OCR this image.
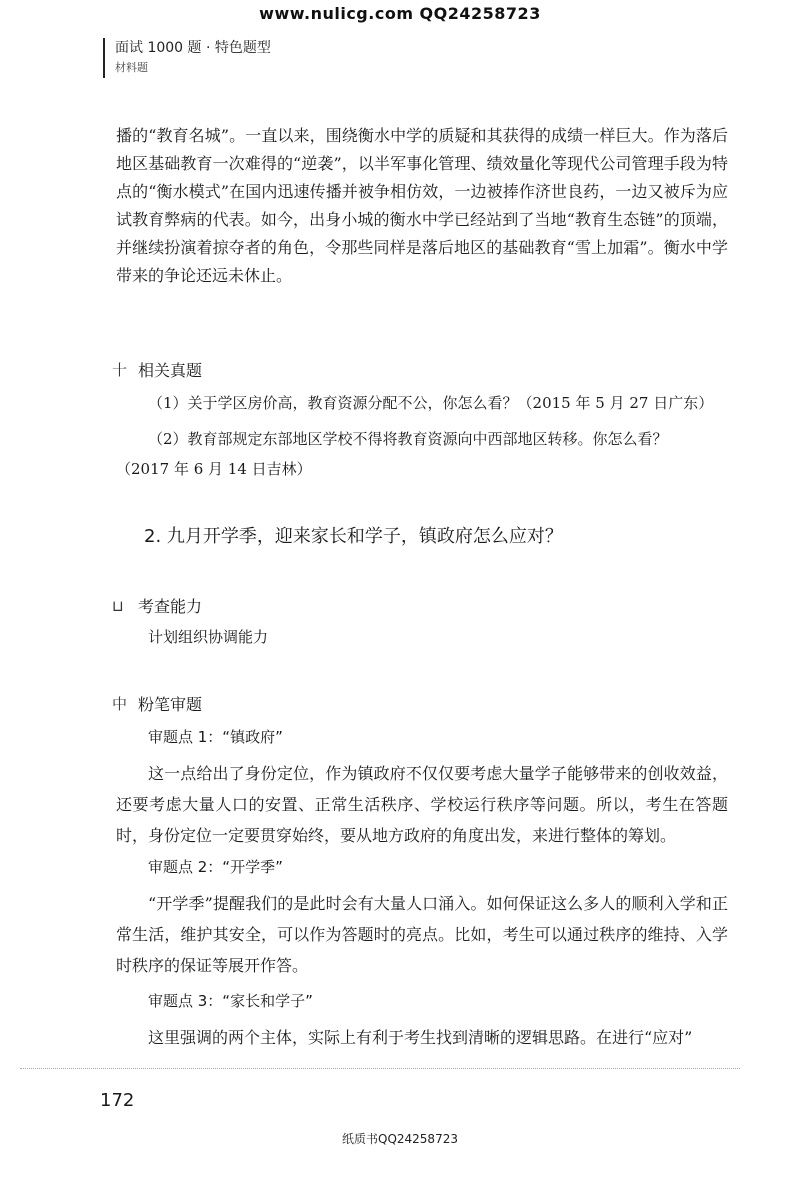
www.nulicg.com QQ24258723
面试 1000 题 · 特色题型
材料题

播的“教育名城”。一直以来，围绕衡水中学的质疑和其获得的成绩一样巨大。作为落后地区基础教育一次难得的“逆袭”，以半军事化管理、绩效量化等现代公司管理手段为特点的“衡水模式”在国内迅速传播并被争相仿效，一边被捧作济世良药，一边又被斥为应试教育弊病的代表。如今，出身小城的衡水中学已经站到了当地“教育生态链”的顶端，并继续扮演着掠夺者的角色，令那些同样是落后地区的基础教育“雪上加霜”。衡水中学带来的争论还远未休止。

十 相关真题

（1）关于学区房价高，教育资源分配不公，你怎么看？（2015 年 5 月 27 日广东）

（2）教育部规定东部地区学校不得将教育资源向中西部地区转移。你怎么看？

（2017 年 6 月 14 日吉林）

2. 九月开学季，迎来家长和学子，镇政府怎么应对？
⊔ 考查能力

计划组织协调能力

中 粉笔审题

审题点 1：“镇政府”

这一点给出了身份定位，作为镇政府不仅仅要考虑大量学子能够带来的创收效益，还要考虑大量人口的安置、正常生活秩序、学校运行秩序等问题。所以，考生在答题时，身份定位一定要贯穿始终，要从地方政府的角度出发，来进行整体的筹划。

审题点 2：“开学季”

“开学季”提醒我们的是此时会有大量人口涌入。如何保证这么多人的顺利入学和正常生活，维护其安全，可以作为答题时的亮点。比如，考生可以通过秩序的维持、入学时秩序的保证等展开作答。

审题点 3：“家长和学子”

这里强调的两个主体，实际上有利于考生找到清晰的逻辑思路。在进行“应对”

172
纸质书QQ24258723
